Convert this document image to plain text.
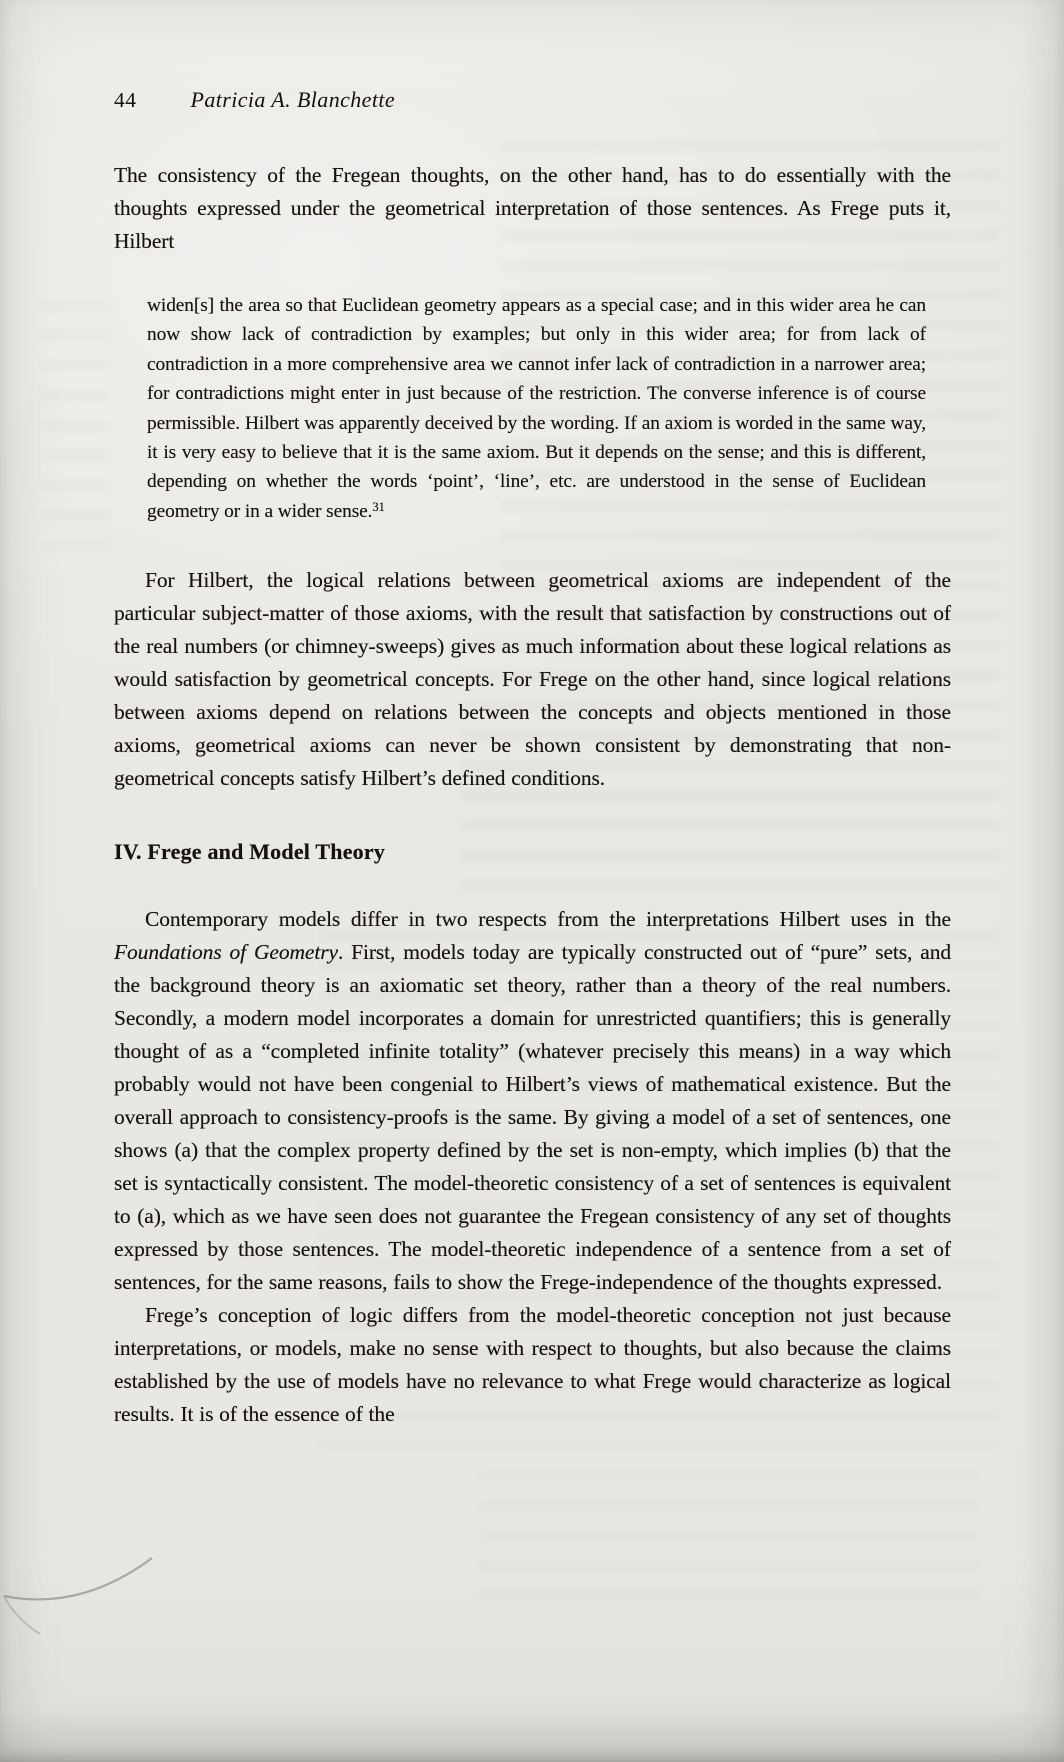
44 Patricia A. Blanchette

The consistency of the Fregean thoughts, on the other hand, has to do essentially with the thoughts expressed under the geometrical interpretation of those sentences. As Frege puts it, Hilbert

widen[s] the area so that Euclidean geometry appears as a special case; and in this wider area he can now show lack of contradiction by examples; but only in this wider area; for from lack of contradiction in a more comprehensive area we cannot infer lack of contradiction in a narrower area; for contradictions might enter in just because of the restriction. The converse inference is of course permissible. Hilbert was apparently deceived by the wording. If an axiom is worded in the same way, it is very easy to believe that it is the same axiom. But it depends on the sense; and this is different, depending on whether the words ‘point’, ‘line’, etc. are understood in the sense of Euclidean geometry or in a wider sense.$^{31}$

For Hilbert, the logical relations between geometrical axioms are independent of the particular subject-matter of those axioms, with the result that satisfaction by constructions out of the real numbers (or chimney-sweeps) gives as much information about these logical relations as would satisfaction by geometrical concepts. For Frege on the other hand, since logical relations between axioms depend on relations between the concepts and objects mentioned in those axioms, geometrical axioms can never be shown consistent by demonstrating that non-geometrical concepts satisfy Hilbert’s defined conditions.

IV. Frege and Model Theory

Contemporary models differ in two respects from the interpretations Hilbert uses in the Foundations of Geometry. First, models today are typically constructed out of “pure” sets, and the background theory is an axiomatic set theory, rather than a theory of the real numbers. Secondly, a modern model incorporates a domain for unrestricted quantifiers; this is generally thought of as a “completed infinite totality” (whatever precisely this means) in a way which probably would not have been congenial to Hilbert’s views of mathematical existence. But the overall approach to consistency-proofs is the same. By giving a model of a set of sentences, one shows (a) that the complex property defined by the set is non-empty, which implies (b) that the set is syntactically consistent. The model-theoretic consistency of a set of sentences is equivalent to (a), which as we have seen does not guarantee the Fregean consistency of any set of thoughts expressed by those sentences. The model-theoretic independence of a sentence from a set of sentences, for the same reasons, fails to show the Frege-independence of the thoughts expressed.

Frege’s conception of logic differs from the model-theoretic conception not just because interpretations, or models, make no sense with respect to thoughts, but also because the claims established by the use of models have no relevance to what Frege would characterize as logical results. It is of the essence of the
